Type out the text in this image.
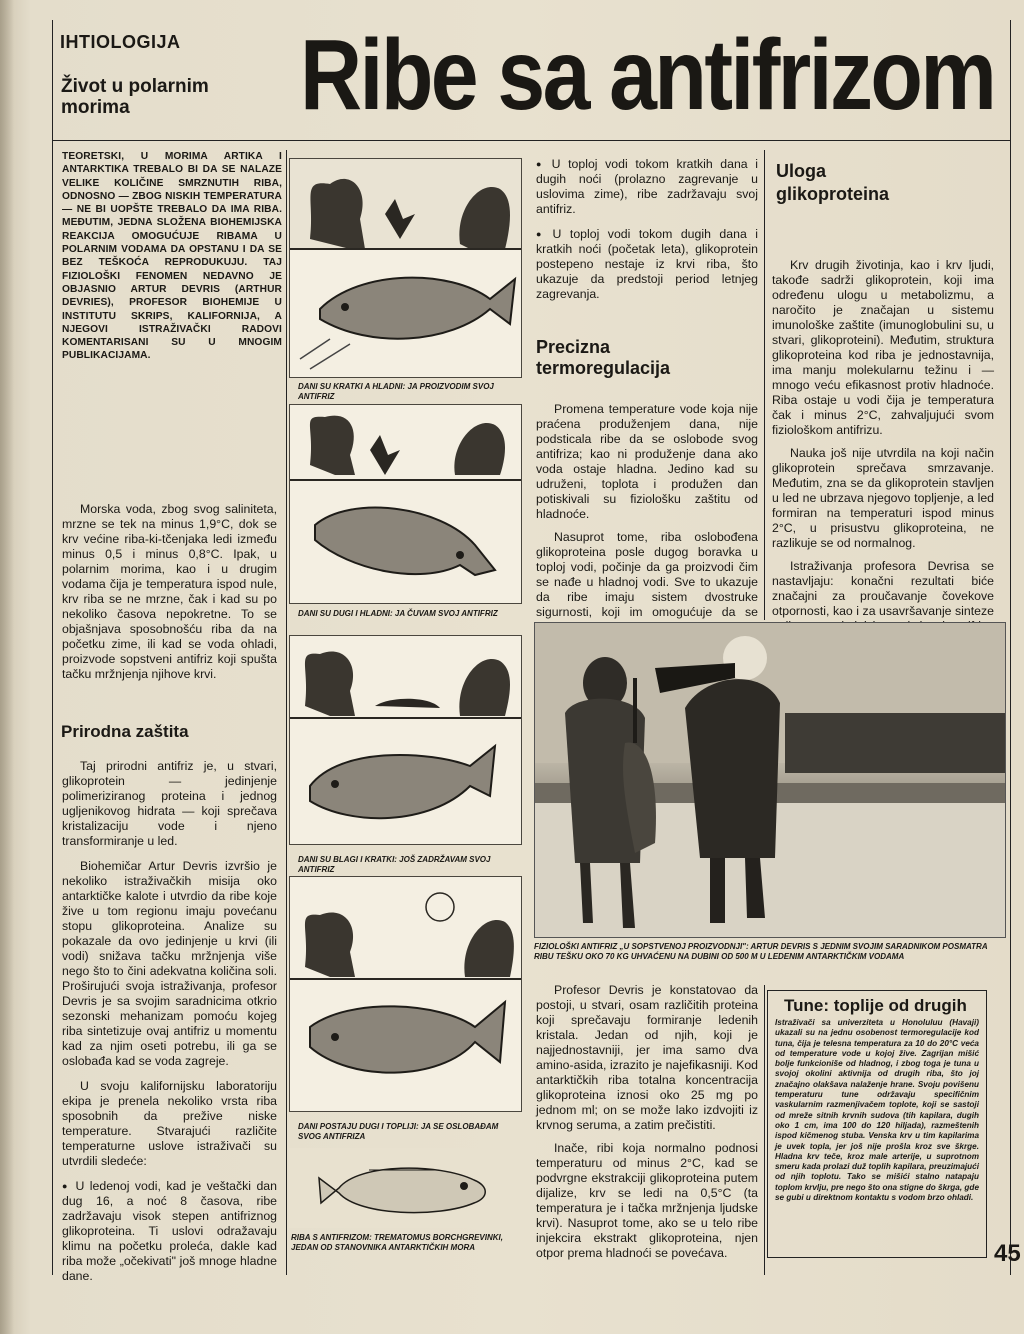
IHTIOLOGIJA
Život u polarnim morima	Ribe sa antifrizom
TEORETSKI, U MORIMA ARTIKA I ANTARKTIKA TREBALO BI DA SE NALAZE VELIKE KOLIČINE SMRZNUTIH RIBA, ODNOSNO — ZBOG NISKIH TEMPERATURA — NE BI UOPŠTE TREBALO DA IMA RIBA. MEĐUTIM, JEDNA SLOŽENA BIOHEMIJSKA REAKCIJA OMOGUĆUJE RIBAMA U POLARNIM VODAMA DA OPSTANU I DA SE BEZ TEŠKOĆA REPRODUKUJU. TAJ FIZIOLOŠKI FENOMEN NEDAVNO JE OBJASNIO ARTUR DEVRIS (ARTHUR DEVRIES), PROFESOR BIOHEMIJE U INSTITUTU SKRIPS, KALIFORNIJA, A NJEGOVI ISTRAŽIVAČKI RADOVI KOMENTARISANI SU U MNOGIM PUBLIKACIJAMA.

Morska voda, zbog svog saliniteta, mrzne se tek na minus 1,9°C, dok se krv većine riba-ki-tčenjaka ledi između minus 0,5 i minus 0,8°C. Ipak, u polarnim morima, kao i u drugim vodama čija je temperatura ispod nule, krv riba se ne mrzne, čak i kad su po nekoliko časova nepokretne. To se objašnjava sposobnošću riba da na početku zime, ili kad se voda ohladi, proizvode sopstveni antifriz koji spušta tačku mržnjenja njihove krvi.

Prirodna zaštita

Taj prirodni antifriz je, u stvari, glikoprotein — jedinjenje polimeriziranog proteina i jednog ugljenikovog hidrata — koji sprečava kristalizaciju vode i njeno transformiranje u led.

Biohemičar Artur Devris izvršio je nekoliko istraživačkih misija oko antarktičke kalote i utvrdio da ribe koje žive u tom regionu imaju povećanu stopu glikoproteina. Analize su pokazale da ovo jedinjenje u krvi (ili vodi) snižava tačku mržnjenja više nego što to čini adekvatna količina soli. Proširujući svoja istraživanja, profesor Devris je sa svojim saradnicima otkrio sezonski mehanizam pomoću kojeg riba sintetizuje ovaj antifriz u momentu kad za njim oseti potrebu, ili ga se oslobađa kad se voda zagreje.

U svoju kalifornijsku laboratoriju ekipa je prenela nekoliko vrsta riba sposobnih da prežive niske temperature. Stvarajući različite temperaturne uslove istraživači su utvrdili sledeće:

● U ledenoj vodi, kad je veštački dan dug 16, a noć 8 časova, ribe zadržavaju visok stepen antifriznog glikoproteina. Ti uslovi odražavaju klimu na početku proleća, dakle kad riba može „očekivati" još mnoge hladne dane.

DANI SU KRATKI A HLADNI: JA PROIZVODIM SVOJ ANTIFRIZ
DANI SU DUGI I HLADNI: JA ČUVAM SVOJ ANTIFRIZ
DANI SU BLAGI I KRATKI: JOŠ ZADRŽAVAM SVOJ ANTIFRIZ
DANI POSTAJU DUGI I TOPLIJI: JA SE OSLOBAĐAM SVOG ANTIFRIZA
RIBA S ANTIFRIZOM: TREMATOMUS BORCHGREVINKI, JEDAN OD STANOVNIKA ANTARKTIČKIH MORA

● U toploj vodi tokom kratkih dana i dugih noći (prolazno zagrevanje u uslovima zime), ribe zadržavaju svoj antifriz.

● U toploj vodi tokom dugih dana i kratkih noći (početak leta), glikoprotein postepeno nestaje iz krvi riba, što ukazuje da predstoji period letnjeg zagrevanja.

Precizna termoregulacija

Promena temperature vode koja nije praćena produženjem dana, nije podsticala ribe da se oslobode svog antifriza; kao ni produženje dana ako voda ostaje hladna. Jedino kad su udruženi, toplota i produžen dan potiskivali su fiziološku zaštitu od hladnoće.

Nasuprot tome, riba oslobođena glikoproteina posle dugog boravka u toploj vodi, počinje da ga proizvodi čim se nađe u hladnoj vodi. Sve to ukazuje da ribe imaju sistem dvostruke sigurnosti, koji im omogućuje da se

Uloga glikoproteina

Krv drugih životinja, kao i krv ljudi, takođe sadrži glikoprotein, koji ima određenu ulogu u metabolizmu, a naročito je značajan u sistemu imunološke zaštite (imunoglobulini su, u stvari, glikoproteini). Međutim, struktura glikoproteina kod riba je jednostavnija, ima manju molekularnu težinu i — mnogo veću efikasnost protiv hladnoće. Riba ostaje u vodi čija je temperatura čak i minus 2°C, zahvaljujući svom fiziološkom antifrizu.

Nauka još nije utvrdila na koji način glikoprotein sprečava smrzavanje. Međutim, zna se da glikoprotein stavljen u led ne ubrzava njegovo topljenje, a led formiran na temperaturi ispod minus 2°C, u prisustvu glikoproteina, ne razlikuje se od normalnog.

Istraživanja profesora Devrisa se nastavljaju: konačni rezultati biće značajni za proučavanje čovekove otpornosti, kao i za usavršavanje sinteze

FIZIOLOŠKI ANTIFRIZ „U SOPSTVENOJ PROIZVODNJI": ARTUR DEVRIS S JEDNIM SVOJIM SARADNIKOM POSMATRA RIBU TEŠKU OKO 70 KG UHVAĆENU NA DUBINI OD 500 M U LEDENIM ANTARKTIČKIM VODAMA

Profesor Devris je konstatovao da postoji, u stvari, osam različitih proteina koji sprečavaju formiranje ledenih kristala. Jedan od njih, koji je najjednostavniji, jer ima samo dva amino-asida, izrazito je najefikasniji. Kod antarktičkih riba totalna koncentracija glikoproteina iznosi oko 25 mg po jednom ml; on se može lako izdvojiti iz krvnog seruma, a zatim prečistiti.

Inače, ribi koja normalno podnosi temperaturu od minus 2°C, kad se podvrgne ekstrakciji glikoproteina putem dijalize, krv se ledi na 0,5°C (ta temperatura je i tačka mržnjenja ljudske krvi). Nasuprot tome, ako se u telo ribe injekcira ekstrakt glikoproteina, njen otpor prema hladnoći se povećava.

Tune: toplije od drugih
Istraživači sa univerziteta u Honoluluu (Havaji) ukazali su na jednu osobenost termoregulacije kod tuna, čija je telesna temperatura za 10 do 20°C veća od temperature vode u kojoj žive. Zagrijan mišić bolje funkcioniše od hladnog, i zbog toga je tuna u svojoj okolini aktivnija od drugih riba, što joj značajno olakšava nalaženje hrane. Svoju povišenu temperaturu tune održavaju specifičnim vaskularnim razmenjivačem toplote, koji se sastoji od mreže sitnih krvnih sudova (tih kapilara, dugih oko 1 cm, ima 100 do 120 hiljada), razmeštenih ispod kičmenog stuba. Venska krv u tim kapilarima je uvek topla, jer još nije prošla kroz sve škrge. Hladna krv teče, kroz male arterije, u suprotnom smeru kada prolazi duž toplih kapilara, preuzimajući od njih toplotu. Tako se mišići stalno natapaju toplom krvlju, pre nego što ona stigne do škrga, gde se gubi u direktnom kontaktu s vodom brzo ohladi.
45
